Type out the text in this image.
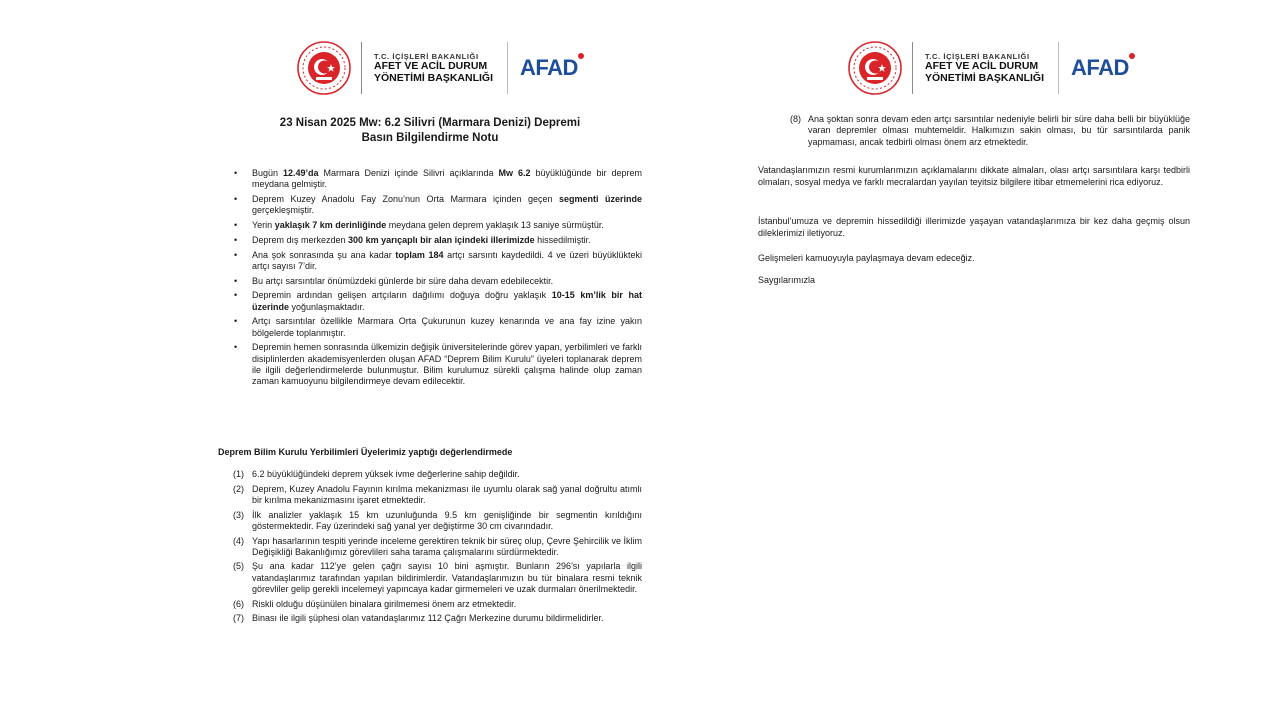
T.C. İÇİŞLERİ BAKANLIĞI
AFET VE ACİL DURUM
YÖNETİMİ BAŞKANLIĞI AFAD
23 Nisan 2025 Mw: 6.2 Silivri (Marmara Denizi) Depremi
Basın Bilgilendirme Notu
• Bugün 12.49’da Marmara Denizi içinde Silivri açıklarında Mw 6.2 büyüklüğünde bir deprem meydana gelmiştir.
• Deprem Kuzey Anadolu Fay Zonu’nun Orta Marmara içinden geçen segmenti üzerinde gerçekleşmiştir.
• Yerin yaklaşık 7 km derinliğinde meydana gelen deprem yaklaşık 13 saniye sürmüştür.
• Deprem dış merkezden 300 km yarıçaplı bir alan içindeki illerimizde hissedilmiştir.
• Ana şok sonrasında şu ana kadar toplam 184 artçı sarsıntı kaydedildi. 4 ve üzeri büyüklükteki artçı sayısı 7’dir.
• Bu artçı sarsıntılar önümüzdeki günlerde bir süre daha devam edebilecektir.
• Depremin ardından gelişen artçıların dağılımı doğuya doğru yaklaşık 10-15 km’lik bir hat üzerinde yoğunlaşmaktadır.
• Artçı sarsıntılar özellikle Marmara Orta Çukurunun kuzey kenarında ve ana fay izine yakın bölgelerde toplanmıştır.
• Depremin hemen sonrasında ülkemizin değişik üniversitelerinde görev yapan, yerbilimleri ve farklı disiplinlerden akademisyenlerden oluşan AFAD “Deprem Bilim Kurulu” üyeleri toplanarak deprem ile ilgili değerlendirmelerde bulunmuştur. Bilim kurulumuz sürekli çalışma halinde olup zaman zaman kamuoyunu bilgilendirmeye devam edilecektir.
Deprem Bilim Kurulu Yerbilimleri Üyelerimiz yaptığı değerlendirmede
(1) 6.2 büyüklüğündeki deprem yüksek ivme değerlerine sahip değildir.
(2) Deprem, Kuzey Anadolu Fayının kırılma mekanizması ile uyumlu olarak sağ yanal doğrultu atımlı bir kırılma mekanizmasını işaret etmektedir.
(3) İlk analizler yaklaşık 15 km uzunluğunda 9.5 km genişliğinde bir segmentin kırıldığını göstermektedir. Fay üzerindeki sağ yanal yer değiştirme 30 cm civarındadır.
(4) Yapı hasarlarının tespiti yerinde inceleme gerektiren teknik bir süreç olup, Çevre Şehircilik ve İklim Değişikliği Bakanlığımız görevlileri saha tarama çalışmalarını sürdürmektedir.
(5) Şu ana kadar 112’ye gelen çağrı sayısı 10 bini aşmıştır. Bunların 296’sı yapılarla ilgili vatandaşlarımız tarafından yapılan bildirimlerdir. Vatandaşlarımızın bu tür binalara resmi teknik görevliler gelip gerekli incelemeyi yapıncaya kadar girmemeleri ve uzak durmaları önerilmektedir.
(6) Riskli olduğu düşünülen binalara girilmemesi önem arz etmektedir.
(7) Binası ile ilgili şüphesi olan vatandaşlarımız 112 Çağrı Merkezine durumu bildirmelidirler.
T.C. İÇİŞLERİ BAKANLIĞI
AFET VE ACİL DURUM
YÖNETİMİ BAŞKANLIĞI AFAD
(8) Ana şoktan sonra devam eden artçı sarsıntılar nedeniyle belirli bir süre daha belli bir büyüklüğe varan depremler olması muhtemeldir. Halkımızın sakin olması, bu tür sarsıntılarda panik yapmaması, ancak tedbirli olması önem arz etmektedir.

Vatandaşlarımızın resmi kurumlarımızın açıklamalarını dikkate almaları, olası artçı sarsıntılara karşı tedbirli olmaları, sosyal medya ve farklı mecralardan yayılan teyitsiz bilgilere itibar etmemelerini rica ediyoruz.

İstanbul’umuza ve depremin hissedildiği illerimizde yaşayan vatandaşlarımıza bir kez daha geçmiş olsun dileklerimizi iletiyoruz.

Gelişmeleri kamuoyuyla paylaşmaya devam edeceğiz.

Saygılarımızla
